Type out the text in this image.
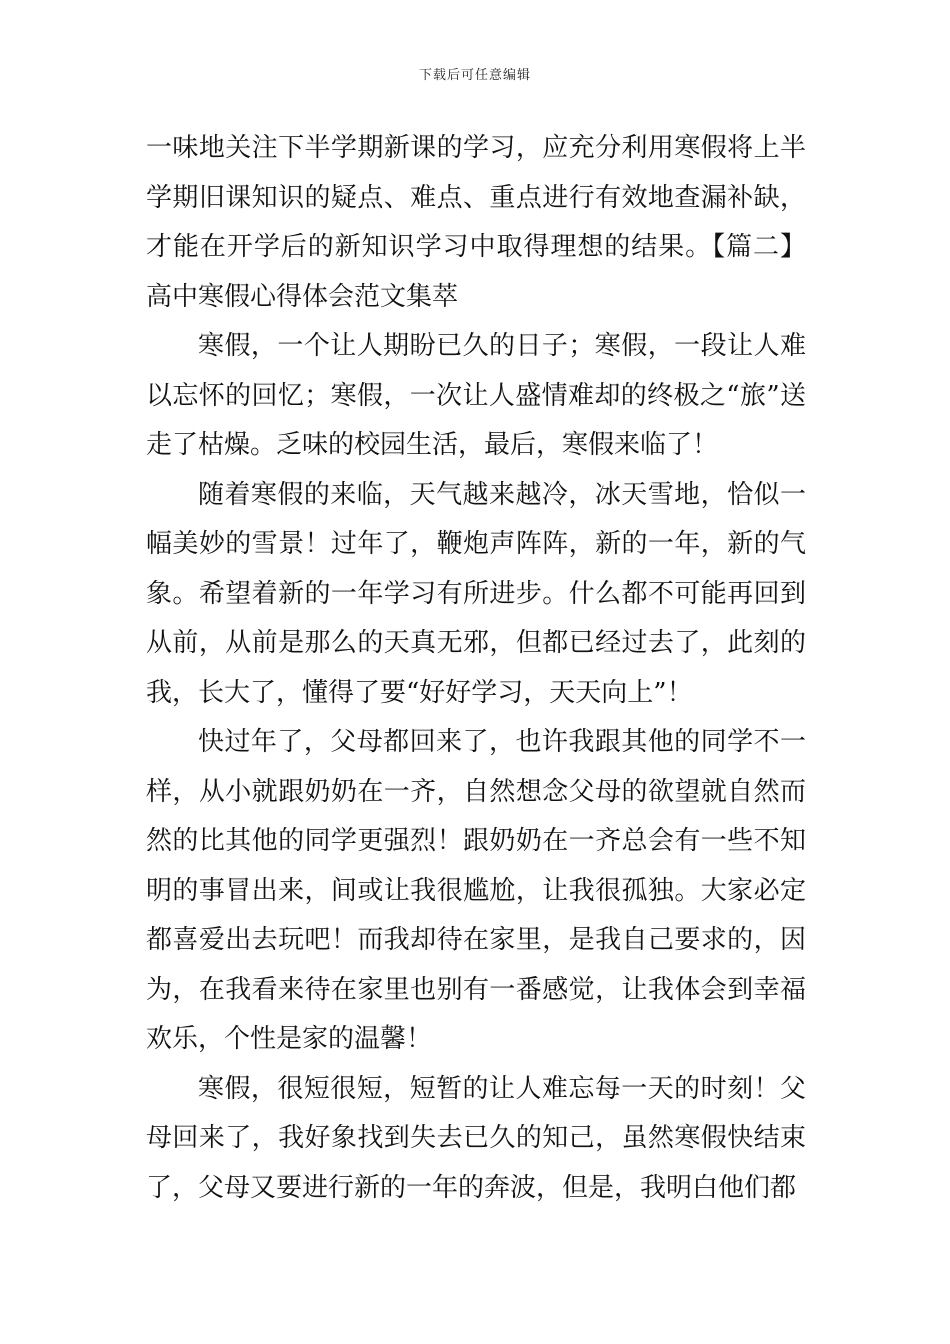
下载后可任意编辑

一味地关注下半学期新课的学习，应充分利用寒假将上半学期旧课知识的疑点、难点、重点进行有效地查漏补缺，才能在开学后的新知识学习中取得理想的结果。【篇二】高中寒假心得体会范文集萃

寒假，一个让人期盼已久的日子；寒假，一段让人难以忘怀的回忆；寒假，一次让人盛情难却的终极之“旅”送走了枯燥。乏味的校园生活，最后，寒假来临了！

随着寒假的来临，天气越来越冷，冰天雪地，恰似一幅美妙的雪景！过年了，鞭炮声阵阵，新的一年，新的气象。希望着新的一年学习有所进步。什么都不可能再回到从前，从前是那么的天真无邪，但都已经过去了，此刻的我，长大了，懂得了要“好好学习，天天向上”！

快过年了，父母都回来了，也许我跟其他的同学不一样，从小就跟奶奶在一齐，自然想念父母的欲望就自然而然的比其他的同学更强烈！跟奶奶在一齐总会有一些不知明的事冒出来，间或让我很尴尬，让我很孤独。大家必定都喜爱出去玩吧！而我却待在家里，是我自己要求的，因为，在我看来待在家里也别有一番感觉，让我体会到幸福欢乐，个性是家的温馨！

寒假，很短很短，短暂的让人难忘每一天的时刻！父母回来了，我好象找到失去已久的知己，虽然寒假快结束了，父母又要进行新的一年的奔波，但是，我明白他们都
